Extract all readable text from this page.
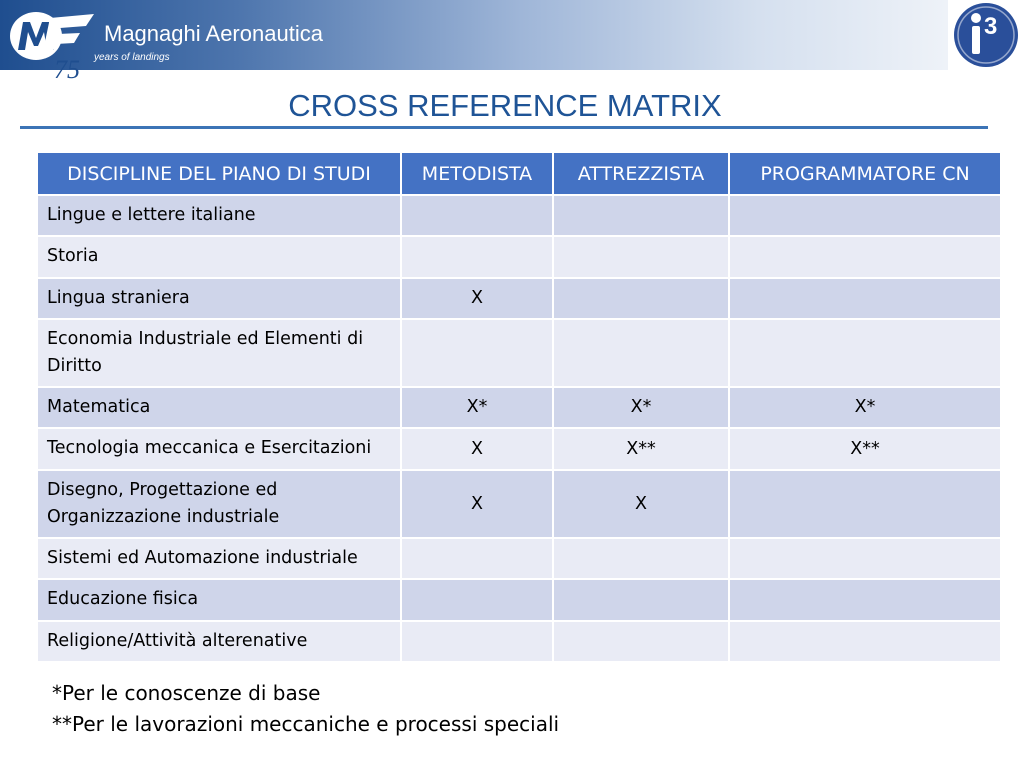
75
Magnaghi Aeronautica
years of landings
3
CROSS REFERENCE MATRIX
DISCIPLINE DEL PIANO DI STUDI	METODISTA	ATTREZZISTA	PROGRAMMATORE CN
Lingue e lettere italiane			
Storia			
Lingua straniera	X		
Economia Industriale ed Elementi di Diritto			
Matematica	X*	X*	X*
Tecnologia meccanica e Esercitazioni	X	X**	X**
Disegno, Progettazione ed Organizzazione industriale	X	X	
Sistemi ed Automazione industriale			
Educazione fisica			
Religione/Attività alterenative			
*Per le conoscenze di base
**Per le lavorazioni meccaniche e processi speciali
